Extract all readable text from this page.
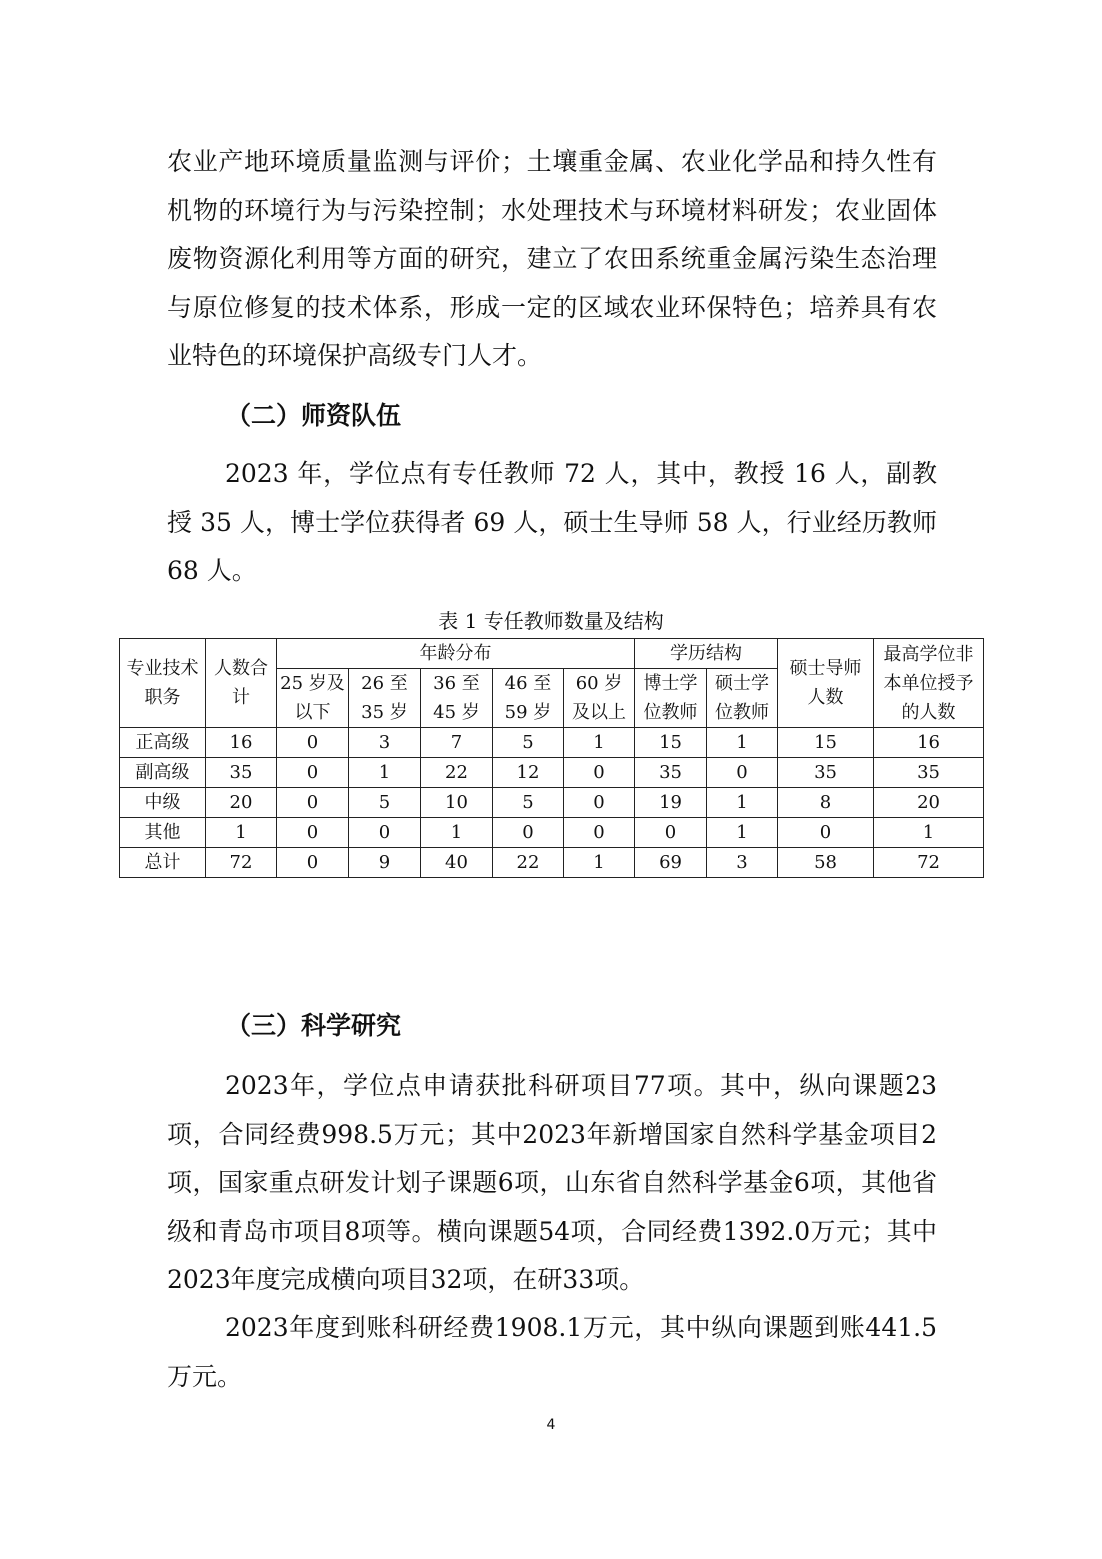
农业产地环境质量监测与评价；土壤重金属、农业化学品和持久性有机物的环境行为与污染控制；水处理技术与环境材料研发；农业固体废物资源化利用等方面的研究，建立了农田系统重金属污染生态治理与原位修复的技术体系，形成一定的区域农业环保特色；培养具有农业特色的环境保护高级专门人才。

（二）师资队伍

2023 年，学位点有专任教师 72 人，其中，教授 16 人，副教授 35 人，博士学位获得者 69 人，硕士生导师 58 人，行业经历教师 68 人。

表 1 专任教师数量及结构
专业技术职务	人数合计	年龄分布					学历结构		硕士导师人数	最高学位非本单位授予的人数
		25 岁及以下	26 至 35 岁	36 至 45 岁	46 至 59 岁	60 岁及以上	博士学位教师	硕士学位教师		
正高级	16	0	3	7	5	1	15	1	15	16
副高级	35	0	1	22	12	0	35	0	35	35
中级	20	0	5	10	5	0	19	1	8	20
其他	1	0	0	1	0	0	0	1	0	1
总计	72	0	9	40	22	1	69	3	58	72
（三）科学研究

2023年，学位点申请获批科研项目77项。其中，纵向课题23项，合同经费998.5万元；其中2023年新增国家自然科学基金项目2项，国家重点研发计划子课题6项，山东省自然科学基金6项，其他省级和青岛市项目8项等。横向课题54项，合同经费1392.0万元；其中2023年度完成横向项目32项，在研33项。

2023年度到账科研经费1908.1万元，其中纵向课题到账441.5万元。

4
